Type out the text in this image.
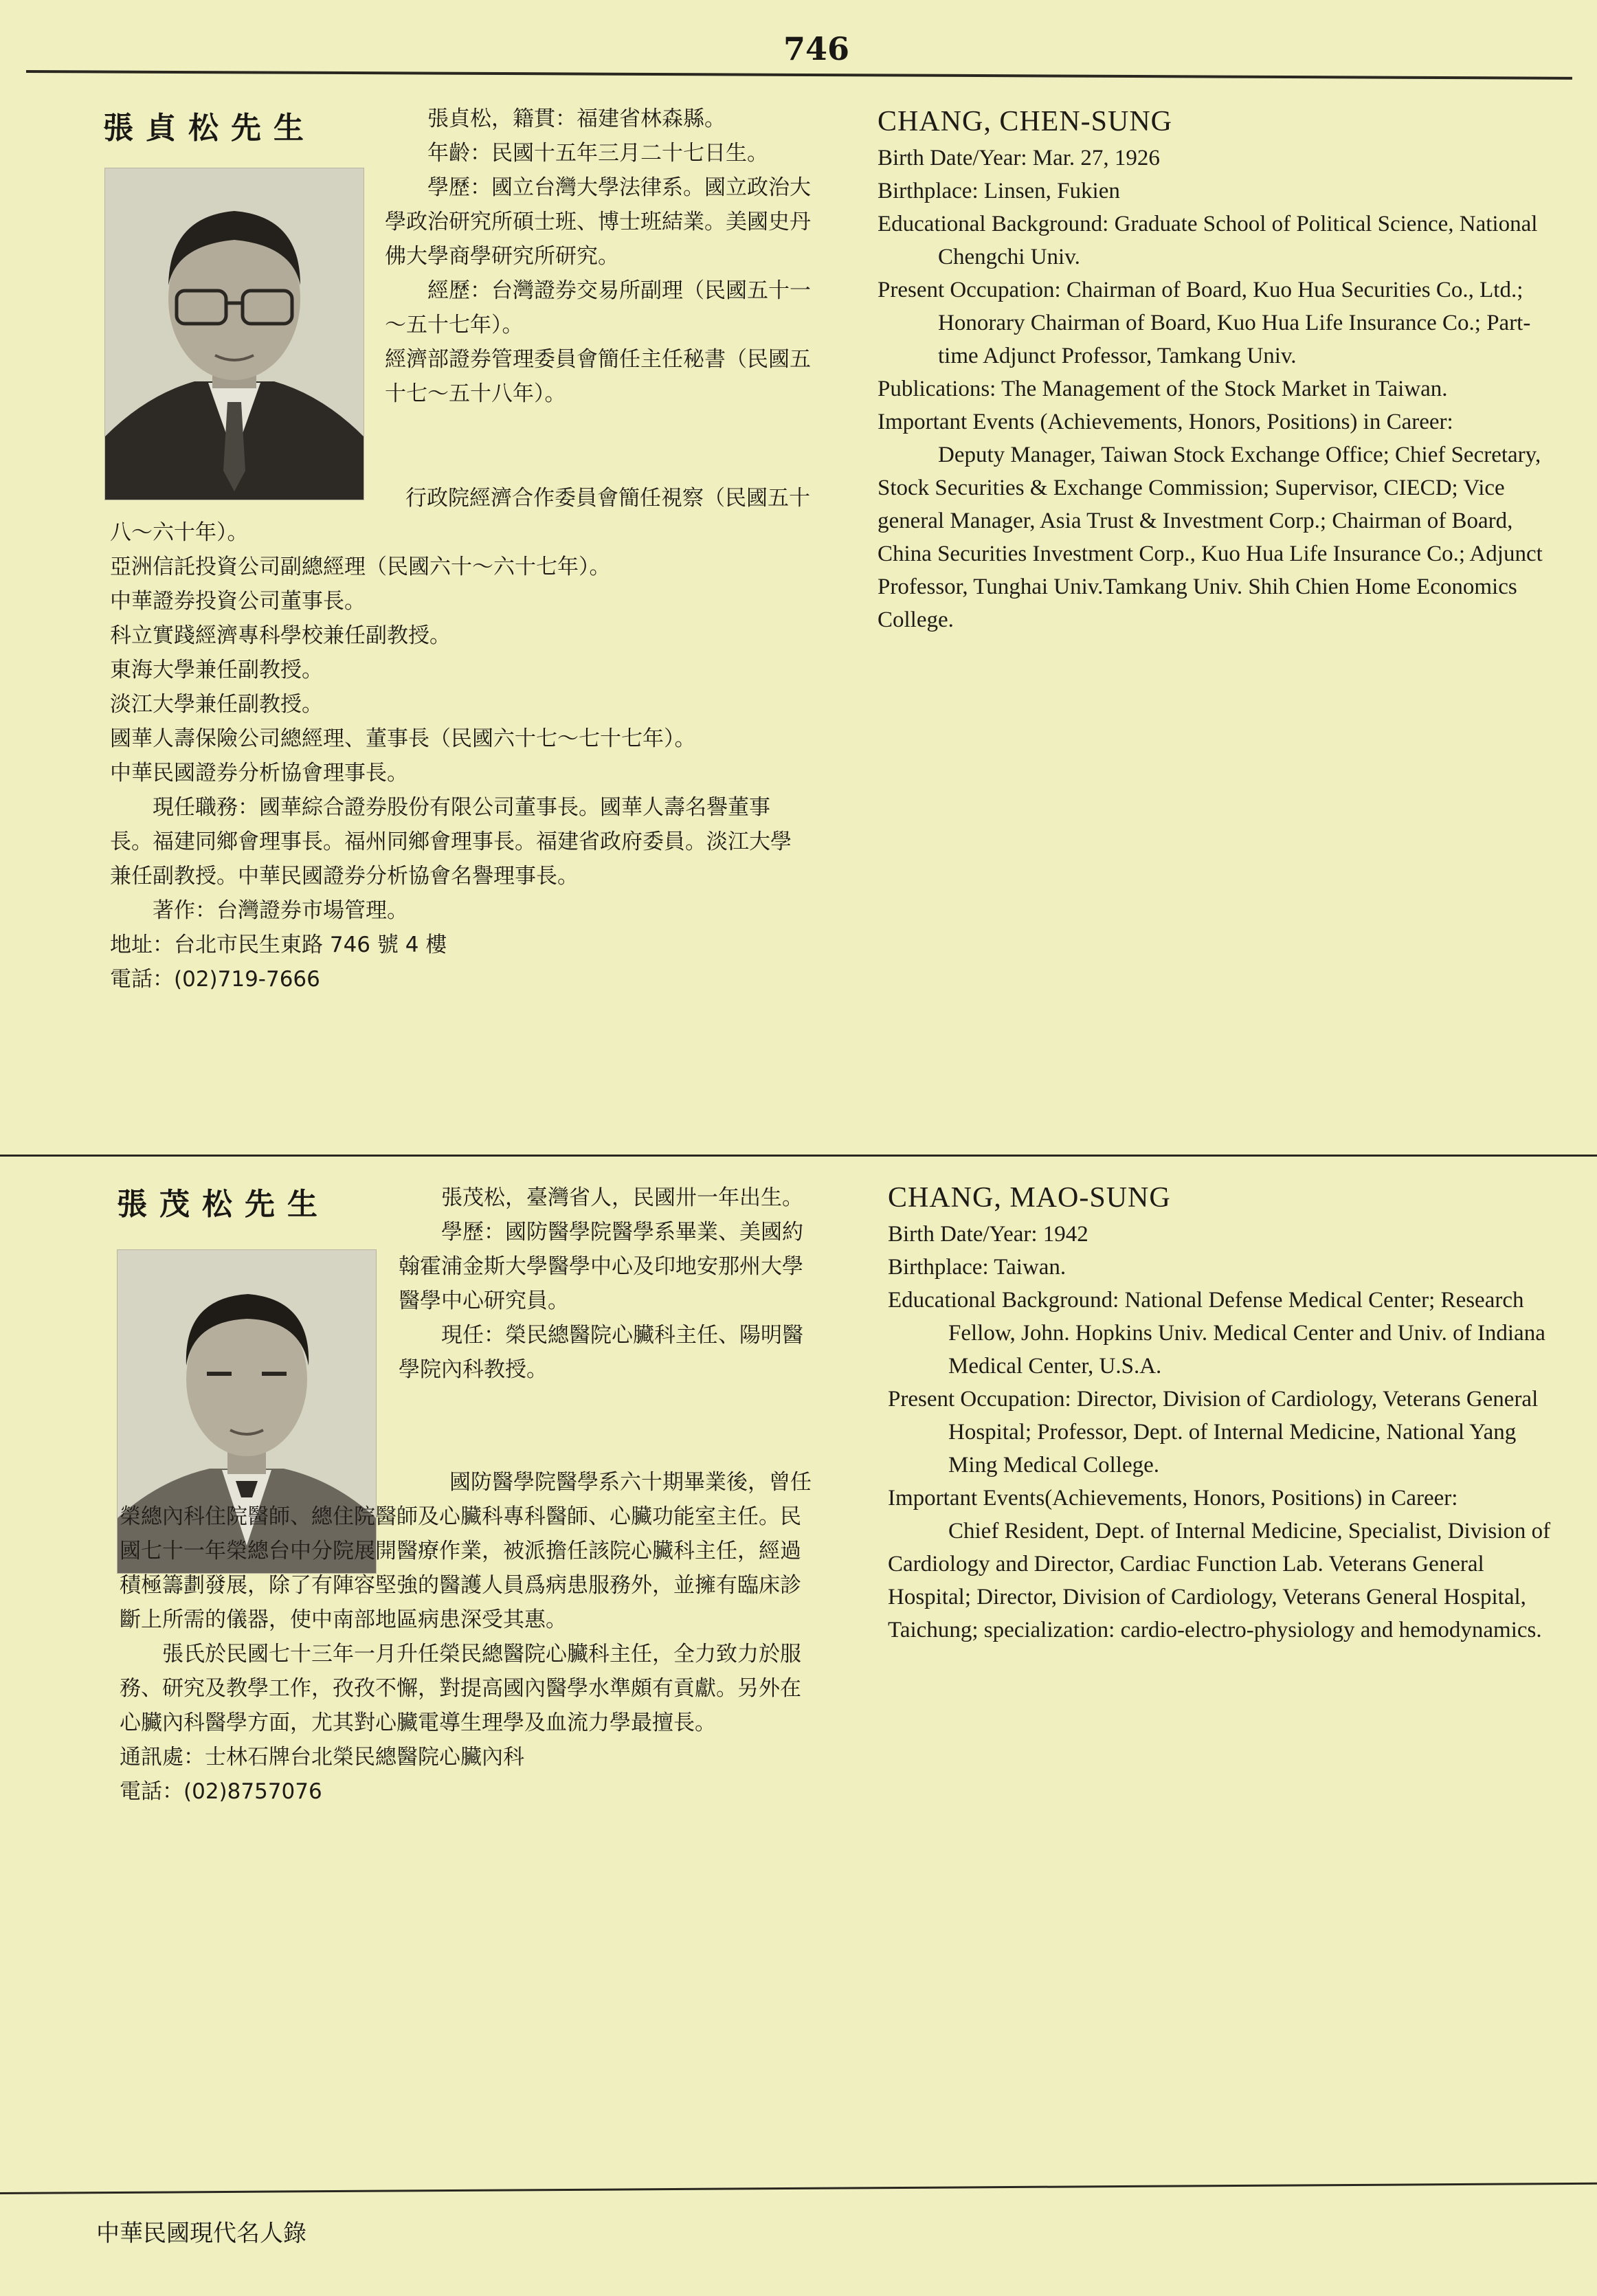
746
張貞松先生	張貞松，籍貫：福建省林森縣。

年齡：民國十五年三月二十七日生。

學歷：國立台灣大學法律系。國立政治大學政治研究所碩士班、博士班結業。美國史丹佛大學商學研究所研究。

經歷：台灣證券交易所副理（民國五十一～五十七年）。

經濟部證券管理委員會簡任主任秘書（民國五十七～五十八年）。

行政院經濟合作委員會簡任視察（民國五十八～六十年）。

亞洲信託投資公司副總經理（民國六十～六十七年）。

中華證券投資公司董事長。

科立實踐經濟專科學校兼任副教授。

東海大學兼任副教授。

淡江大學兼任副教授。

國華人壽保險公司總經理、董事長（民國六十七～七十七年）。

中華民國證券分析協會理事長。

現任職務：國華綜合證券股份有限公司董事長。國華人壽名譽董事長。福建同鄉會理事長。福州同鄉會理事長。福建省政府委員。淡江大學兼任副教授。中華民國證券分析協會名譽理事長。

著作：台灣證券市場管理。

地址：台北市民生東路 746 號 4 樓

電話：(02)719-7666

CHANG, CHEN-SUNG

Birth Date/Year: Mar. 27, 1926

Birthplace: Linsen, Fukien

Educational Background: Graduate School of Political Science, National Chengchi Univ.

Present Occupation: Chairman of Board, Kuo Hua Securities Co., Ltd.; Honorary Chairman of Board, Kuo Hua Life Insurance Co.; Part-time Adjunct Professor, Tamkang Univ.

Publications: The Management of the Stock Market in Taiwan.

Important Events (Achievements, Honors, Positions) in Career:

Deputy Manager, Taiwan Stock Exchange Office; Chief Secretary, Stock Securities & Exchange Commission; Supervisor, CIECD; Vice general Manager, Asia Trust & Investment Corp.; Chairman of Board, China Securities Investment Corp., Kuo Hua Life Insurance Co.; Adjunct Professor, Tunghai Univ.Tamkang Univ. Shih Chien Home Economics College.

張茂松先生	張茂松，臺灣省人，民國卅一年出生。

學歷：國防醫學院醫學系畢業、美國約翰霍浦金斯大學醫學中心及印地安那州大學醫學中心研究員。

現任：榮民總醫院心臟科主任、陽明醫學院內科教授。

國防醫學院醫學系六十期畢業後，曾任榮總內科住院醫師、總住院醫師及心臟科專科醫師、心臟功能室主任。民國七十一年榮總台中分院展開醫療作業，被派擔任該院心臟科主任，經過積極籌劃發展，除了有陣容堅強的醫護人員爲病患服務外，並擁有臨床診斷上所需的儀器，使中南部地區病患深受其惠。

張氏於民國七十三年一月升任榮民總醫院心臟科主任，全力致力於服務、研究及教學工作，孜孜不懈，對提高國內醫學水準頗有貢獻。另外在心臟內科醫學方面，尤其對心臟電導生理學及血流力學最擅長。

通訊處：士林石牌台北榮民總醫院心臟內科

電話：(02)8757076

CHANG, MAO-SUNG

Birth Date/Year: 1942

Birthplace: Taiwan.

Educational Background: National Defense Medical Center; Research Fellow, John. Hopkins Univ. Medical Center and Univ. of Indiana Medical Center, U.S.A.

Present Occupation: Director, Division of Cardiology, Veterans General Hospital; Professor, Dept. of Internal Medicine, National Yang Ming Medical College.

Important Events(Achievements, Honors, Positions) in Career:

Chief Resident, Dept. of Internal Medicine, Specialist, Division of Cardiology and Director, Cardiac Function Lab. Veterans General Hospital; Director, Division of Cardiology, Veterans General Hospital, Taichung; specialization: cardio-electro-physiology and hemodynamics.

中華民國現代名人錄
